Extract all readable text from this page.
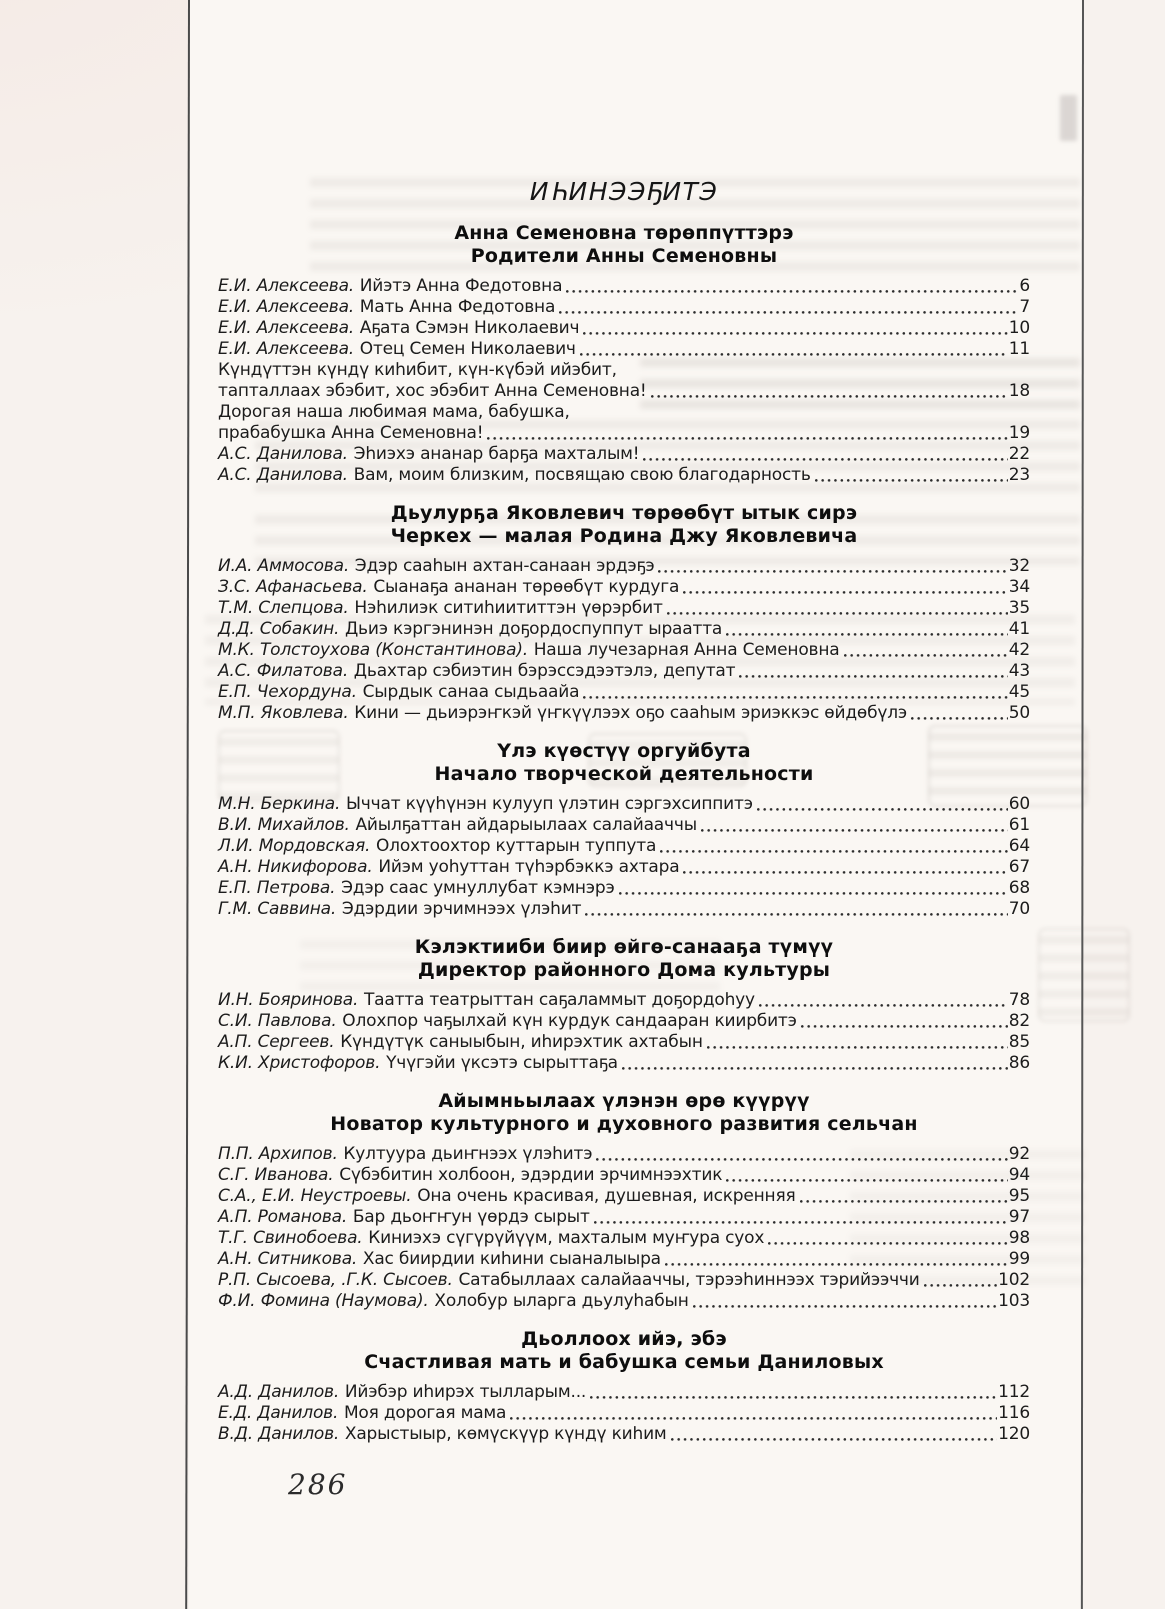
ИҺИНЭЭҔИТЭ
Анна Семеновна төрөппүттэрэ
Родители Анны Семеновны
Е.И. Алексеева. Ийэтэ Анна Федотовна	6
Е.И. Алексеева. Мать Анна Федотовна	7
Е.И. Алексеева. Аҕата Сэмэн Николаевич	10
Е.И. Алексеева. Отец Семен Николаевич	11
Күндүттэн күндү киһибит, күн-күбэй ийэбит,
тапталлаах эбэбит, хос эбэбит Анна Семеновна!	18
Дорогая наша любимая мама, бабушка,
прабабушка Анна Семеновна!	19
А.С. Данилова. Эһиэхэ ананар барҕа махталым!	22
А.С. Данилова. Вам, моим близким, посвящаю свою благодарность	23
Дьулурҕа Яковлевич төрөөбүт ытык сирэ
Черкех — малая Родина Джу Яковлевича
И.А. Аммосова. Эдэр сааһын ахтан-санаан эрдэҕэ	32
З.С. Афанасьева. Сыанаҕа ананан төрөөбүт курдуга	34
Т.М. Слепцова. Нэһилиэк ситиһиититтэн үөрэрбит	35
Д.Д. Собакин. Дьиэ кэргэнинэн доҕордоспуппут ыраатта	41
М.К. Толстоухова (Константинова). Наша лучезарная Анна Семеновна	42
А.С. Филатова. Дьахтар сэбиэтин бэрэссэдээтэлэ, депутат	43
Е.П. Чехордуна. Сырдык санаа сыдьаайа	45
М.П. Яковлева. Кини — дьиэрэҥкэй үҥкүүлээх оҕо сааһым эриэккэс өйдөбүлэ	50
Үлэ күөстүү оргуйбута
Начало творческой деятельности
М.Н. Беркина. Ыччат күүһүнэн кулууп үлэтин сэргэхсиппитэ	60
В.И. Михайлов. Айылҕаттан айдарыылаах салайааччы	61
Л.И. Мордовская. Олохтоохтор куттарын туппута	64
А.Н. Никифорова. Ийэм уоһуттан түһэрбэккэ ахтара	67
Е.П. Петрова. Эдэр саас умнуллубат кэмнэрэ	68
Г.М. Саввина. Эдэрдии эрчимнээх үлэһит	70
Кэлэктииби биир өйгө-санааҕа түмүү
Директор районного Дома культуры
И.Н. Бояринова. Таатта театрыттан саҕаламмыт доҕордоһуу	78
С.И. Павлова. Олохпор чаҕылхай күн курдук сандааран киирбитэ	82
А.П. Сергеев. Күндүтүк саныыбын, иһирэхтик ахтабын	85
К.И. Христофоров. Үчүгэйи үксэтэ сырыттаҕа	86
Айымньылаах үлэнэн өрө күүрүү
Новатор культурного и духовного развития сельчан
П.П. Архипов. Култуура дьиҥнээх үлэһитэ	92
С.Г. Иванова. Сүбэбитин холбоон, эдэрдии эрчимнээхтик	94
С.А., Е.И. Неустроевы. Она очень красивая, душевная, искренняя	95
А.П. Романова. Бар дьоҥҥун үөрдэ сырыт	97
Т.Г. Свинобоева. Киниэхэ сүгүрүйүүм, махталым муҥура суох	98
А.Н. Ситникова. Хас биирдии киһини сыаналыыра	99
Р.П. Сысоева, .Г.К. Сысоев. Сатабыллаах салайааччы, тэрээһиннээх тэрийээччи	102
Ф.И. Фомина (Наумова). Холобур ыларга дьулуһабын	103
Дьоллоох ийэ, эбэ
Счастливая мать и бабушка семьи Даниловых
А.Д. Данилов. Ийэбэр иһирэх тылларым...	112
Е.Д. Данилов. Моя дорогая мама	116
В.Д. Данилов. Харыстыыр, көмүскүүр күндү киһим	120
286
